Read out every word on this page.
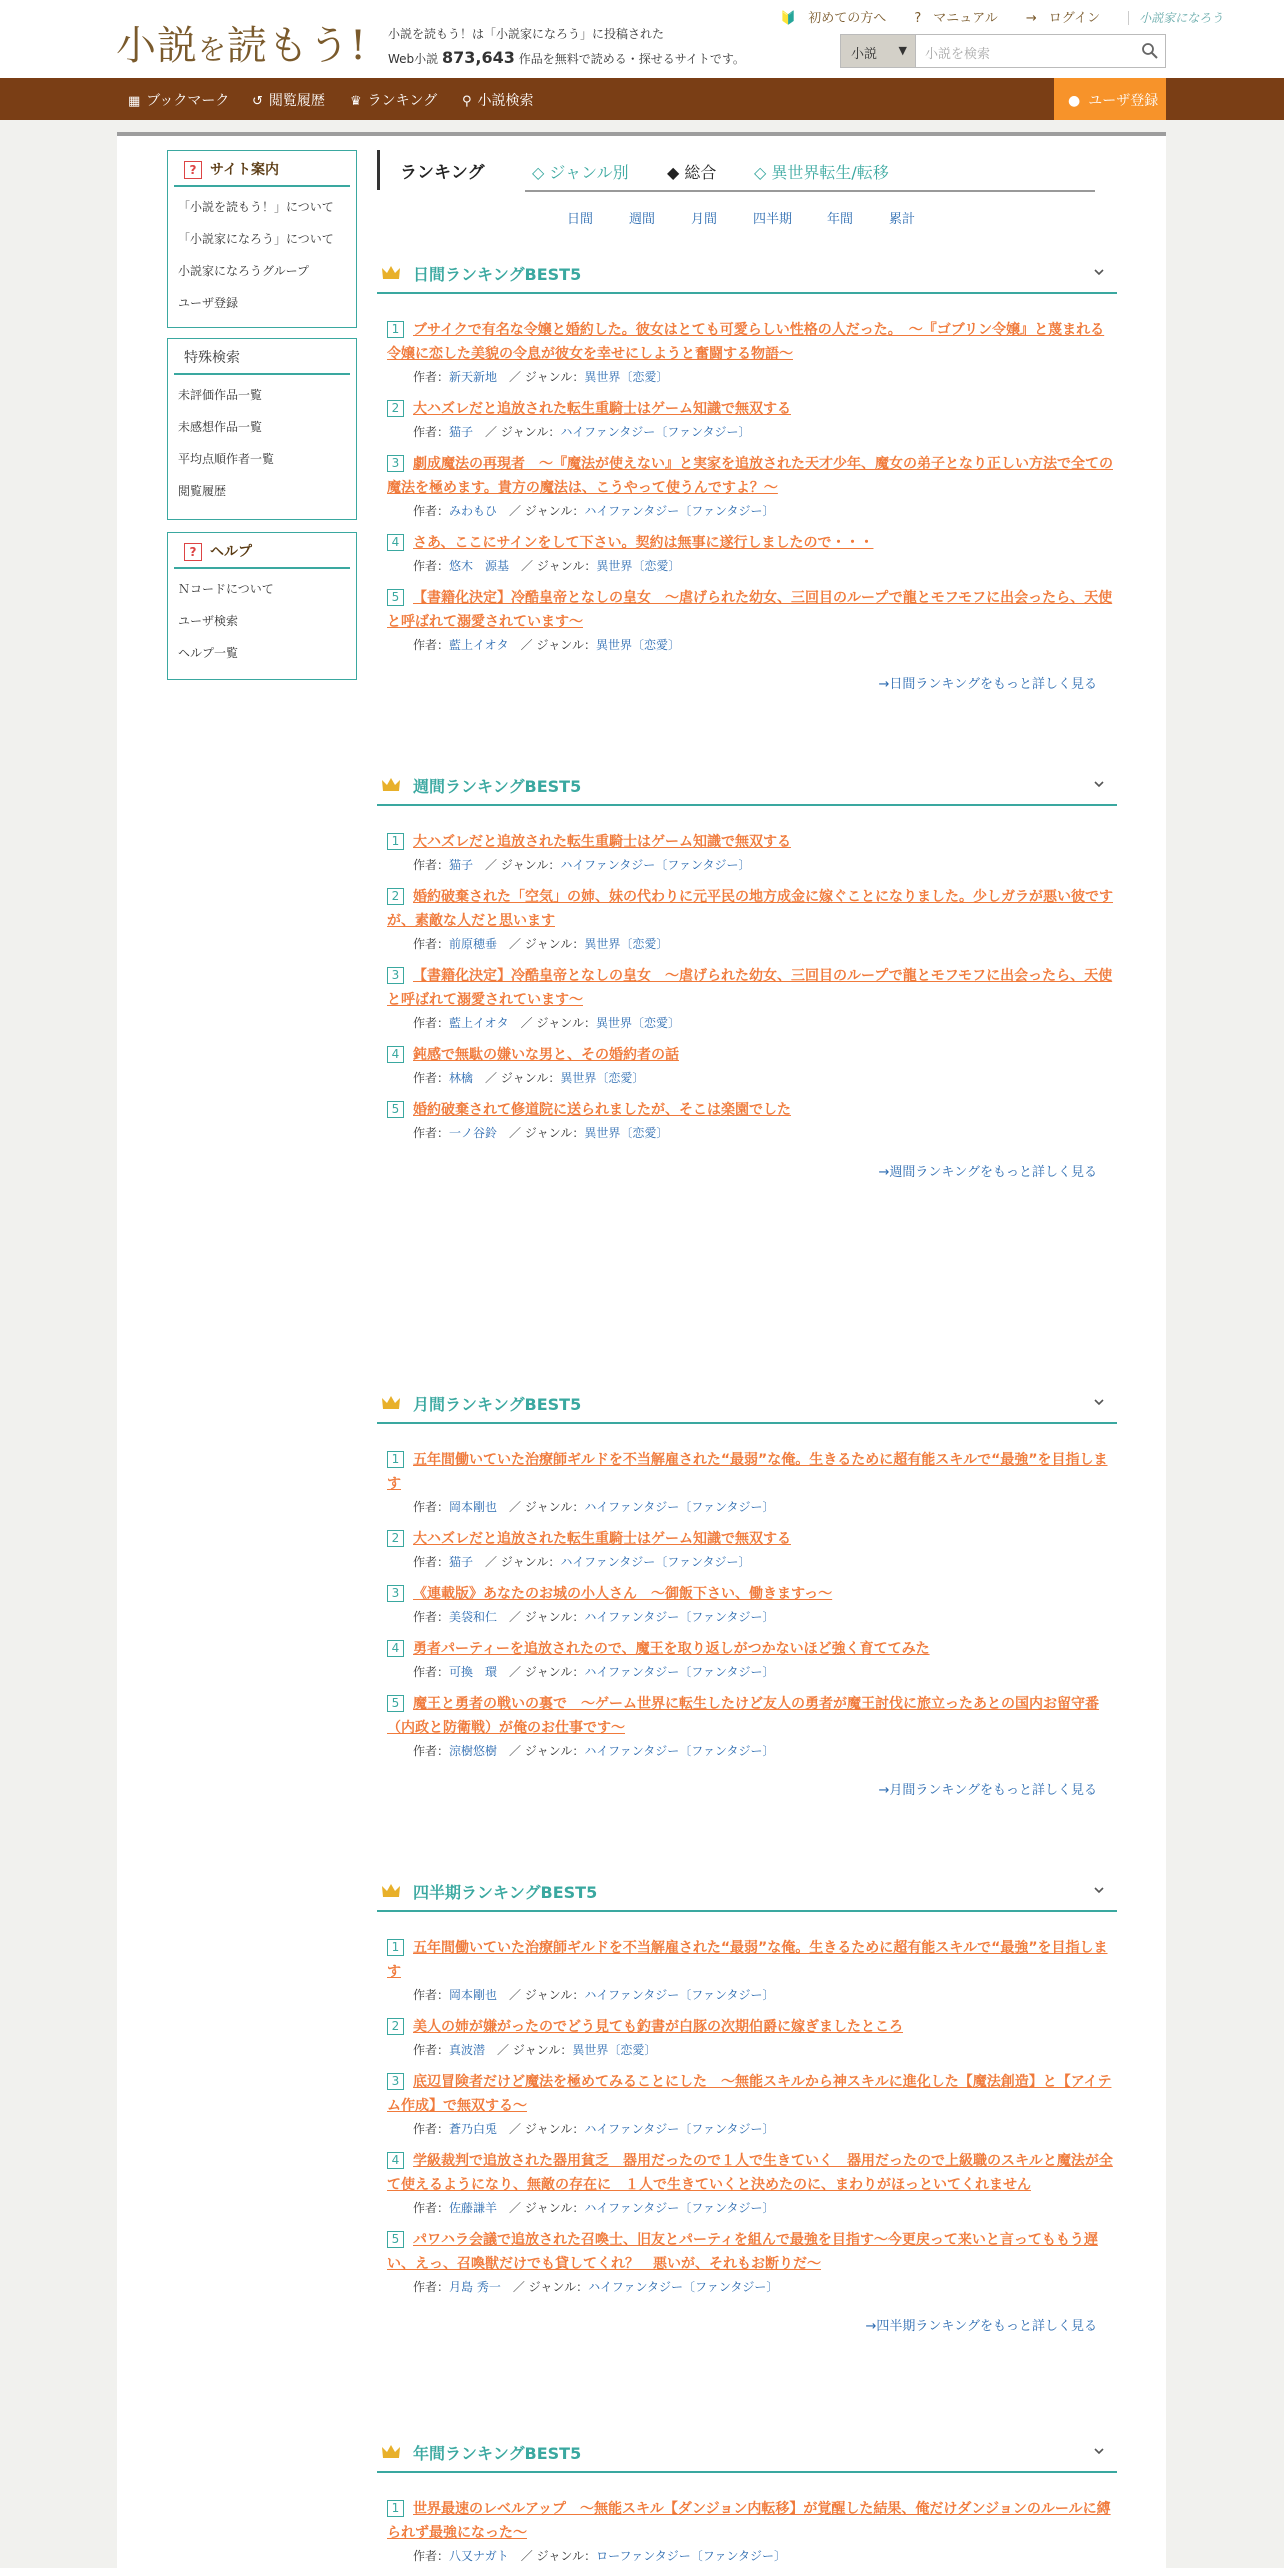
小説を読もう! 小説を読もう！は「小説家になろう」に投稿された
Web小説 873,643 作品を無料で読める・探せるサイトです。
🔰 初めての方へ ? マニュアル → ログイン	小説家になろう
小説 ▼ 小説を検索
▦ ブックマーク ↺ 閲覧履歴 ♛ ランキング ⚲ 小説検索	● ユーザ登録
? サイト案内
「小説を読もう！」について
「小説家になろう」について
小説家になろうグループ
ユーザ登録
特殊検索
未評価作品一覧
未感想作品一覧
平均点順作者一覧
閲覧履歴
? ヘルプ
Ｎコードについて
ユーザ検索
ヘルプ一覧
ランキング	◇ ジャンル別 ◆ 総合 ◇ 異世界転生/転移
日間	週間	月間	四半期	年間	累計
日間ランキングBEST5
1 ブサイクで有名な令嬢と婚約した。彼女はとても可愛らしい性格の人だった。　～『ゴブリン令嬢』と蔑まれる令嬢に恋した美貌の令息が彼女を幸せにしようと奮闘する物語～
作者：新天新地　 ／ ジャンル：異世界〔恋愛〕
2 大ハズレだと追放された転生重騎士はゲーム知識で無双する
作者：猫子　 ／ ジャンル：ハイファンタジー〔ファンタジー〕
3 劇成魔法の再現者　～『魔法が使えない』と実家を追放された天才少年、魔女の弟子となり正しい方法で全ての魔法を極めます。貴方の魔法は、こうやって使うんですよ？～
作者：みわもひ　 ／ ジャンル：ハイファンタジー〔ファンタジー〕
4 さあ、ここにサインをして下さい。契約は無事に遂行しましたので・・・
作者：悠木　源基　 ／ ジャンル：異世界〔恋愛〕
5 【書籍化決定】冷酷皇帝となしの皇女　～虐げられた幼女、三回目のループで龍とモフモフに出会ったら、天使と呼ばれて溺愛されています～
作者：藍上イオタ　 ／ ジャンル：異世界〔恋愛〕
→日間ランキングをもっと詳しく見る
週間ランキングBEST5
1 大ハズレだと追放された転生重騎士はゲーム知識で無双する
作者：猫子　 ／ ジャンル：ハイファンタジー〔ファンタジー〕
2 婚約破棄された「空気」の姉、妹の代わりに元平民の地方成金に嫁ぐことになりました。少しガラが悪い彼ですが、素敵な人だと思います
作者：前原穂垂　 ／ ジャンル：異世界〔恋愛〕
3 【書籍化決定】冷酷皇帝となしの皇女　～虐げられた幼女、三回目のループで龍とモフモフに出会ったら、天使と呼ばれて溺愛されています～
作者：藍上イオタ　 ／ ジャンル：異世界〔恋愛〕
4 鈍感で無駄の嫌いな男と、その婚約者の話
作者：林檎　 ／ ジャンル：異世界〔恋愛〕
5 婚約破棄されて修道院に送られましたが、そこは楽園でした
作者：一ノ谷鈴　 ／ ジャンル：異世界〔恋愛〕
→週間ランキングをもっと詳しく見る
月間ランキングBEST5
1 五年間働いていた治療師ギルドを不当解雇された“最弱”な俺。生きるために超有能スキルで“最強”を目指します
作者：岡本剛也　 ／ ジャンル：ハイファンタジー〔ファンタジー〕
2 大ハズレだと追放された転生重騎士はゲーム知識で無双する
作者：猫子　 ／ ジャンル：ハイファンタジー〔ファンタジー〕
3 《連載版》あなたのお城の小人さん　～御飯下さい、働きますっ～
作者：美袋和仁　 ／ ジャンル：ハイファンタジー〔ファンタジー〕
4 勇者パーティーを追放されたので、魔王を取り返しがつかないほど強く育ててみた
作者：可換　環　 ／ ジャンル：ハイファンタジー〔ファンタジー〕
5 魔王と勇者の戦いの裏で　～ゲーム世界に転生したけど友人の勇者が魔王討伐に旅立ったあとの国内お留守番（内政と防衛戦）が俺のお仕事です～
作者：涼樹悠樹　 ／ ジャンル：ハイファンタジー〔ファンタジー〕
→月間ランキングをもっと詳しく見る
四半期ランキングBEST5
1 五年間働いていた治療師ギルドを不当解雇された“最弱”な俺。生きるために超有能スキルで“最強”を目指します
作者：岡本剛也　 ／ ジャンル：ハイファンタジー〔ファンタジー〕
2 美人の姉が嫌がったのでどう見ても釣書が白豚の次期伯爵に嫁ぎましたところ
作者：真波潜　 ／ ジャンル：異世界〔恋愛〕
3 底辺冒険者だけど魔法を極めてみることにした　～無能スキルから神スキルに進化した【魔法創造】と【アイテム作成】で無双する～
作者：蒼乃白兎　 ／ ジャンル：ハイファンタジー〔ファンタジー〕
4 学級裁判で追放された器用貧乏　器用だったので１人で生きていく　器用だったので上級職のスキルと魔法が全て使えるようになり、無敵の存在に　１人で生きていくと決めたのに、まわりがほっといてくれません
作者：佐藤謙羊　 ／ ジャンル：ハイファンタジー〔ファンタジー〕
5 パワハラ会議で追放された召喚士、旧友とパーティを組んで最強を目指す～今更戻って来いと言ってももう遅い、えっ、召喚獣だけでも貸してくれ？　悪いが、それもお断りだ～
作者：月島 秀一　 ／ ジャンル：ハイファンタジー〔ファンタジー〕
→四半期ランキングをもっと詳しく見る
年間ランキングBEST5
1 世界最速のレベルアップ　～無能スキル【ダンジョン内転移】が覚醒した結果、俺だけダンジョンのルールに縛られず最強になった～
作者：八又ナガト　 ／ ジャンル：ローファンタジー〔ファンタジー〕
